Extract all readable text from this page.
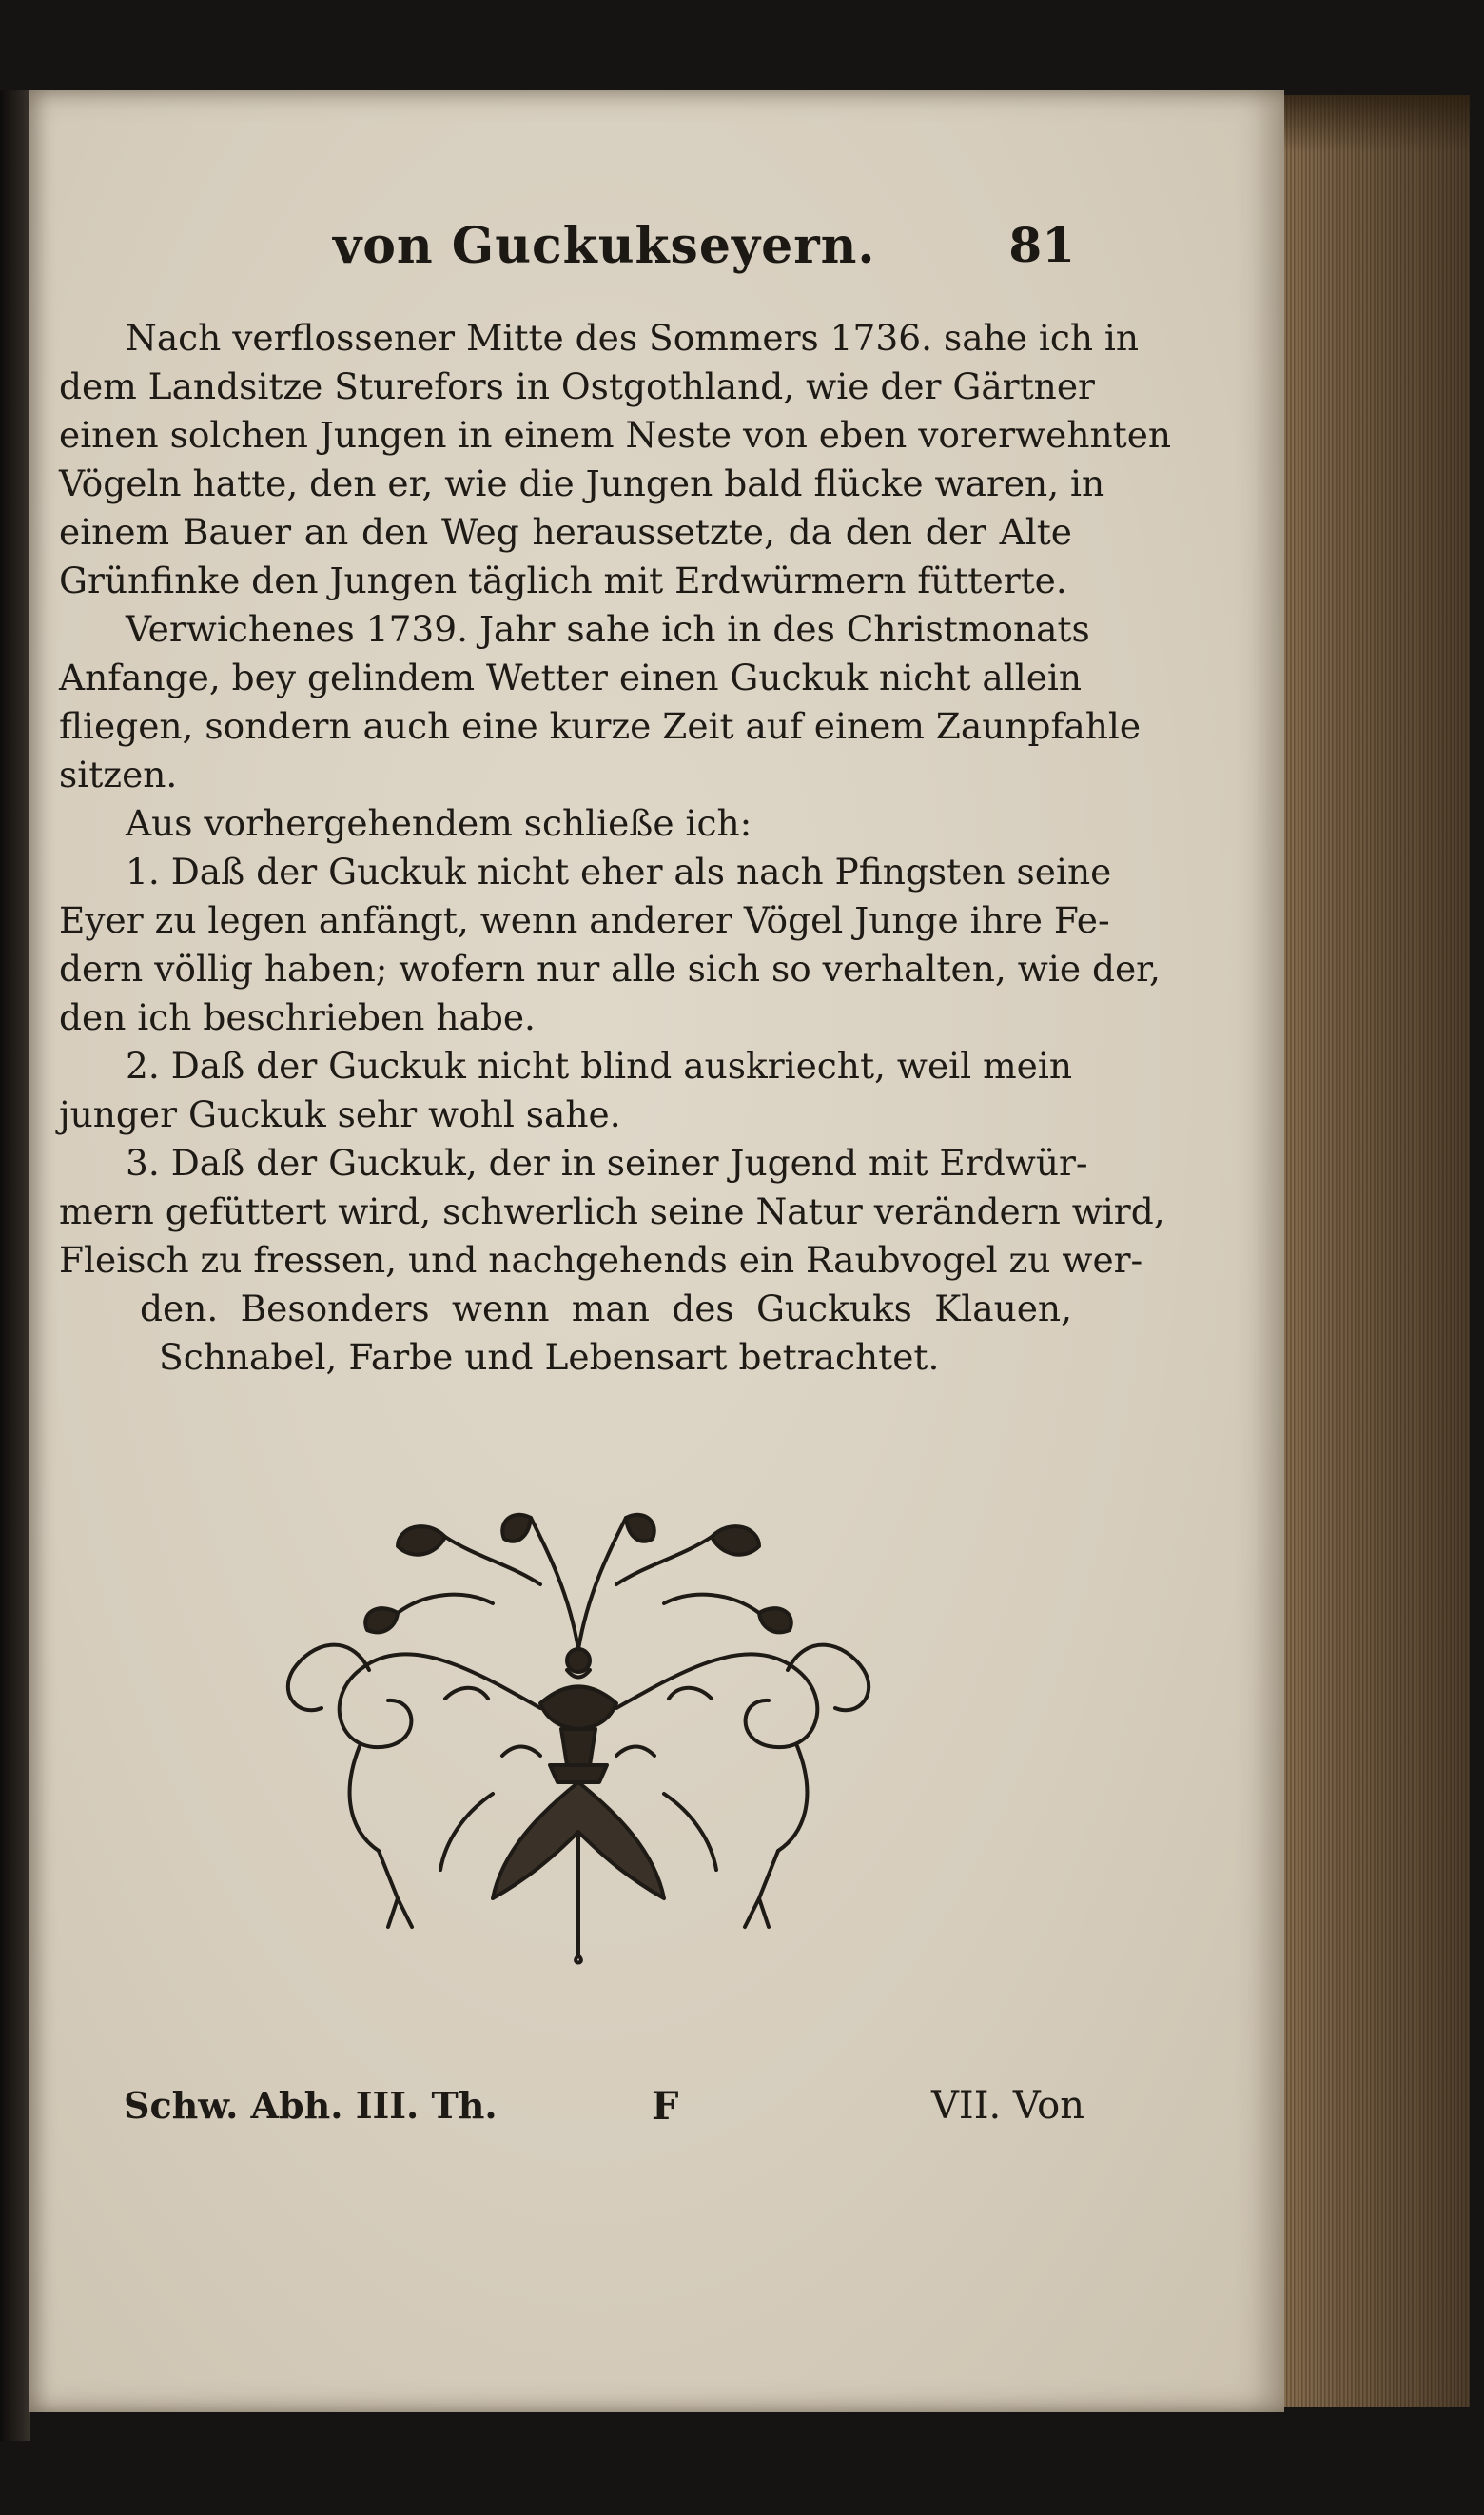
von Guckukseyern.	81
Nach verflossener Mitte des Sommers 1736. sahe ich in
dem Landsitze Sturefors in Ostgothland, wie der Gärtner
einen solchen Jungen in einem Neste von eben vorerwehnten
Vögeln hatte, den er, wie die Jungen bald flücke waren, in
einem Bauer an den Weg heraussetzte, da den der Alte
Grünfinke den Jungen täglich mit Erdwürmern fütterte.
Verwichenes 1739. Jahr sahe ich in des Christmonats
Anfange, bey gelindem Wetter einen Guckuk nicht allein
fliegen, sondern auch eine kurze Zeit auf einem Zaunpfahle
sitzen.
Aus vorhergehendem schließe ich:
1. Daß der Guckuk nicht eher als nach Pfingsten seine
Eyer zu legen anfängt, wenn anderer Vögel Junge ihre Fe-
dern völlig haben; wofern nur alle sich so verhalten, wie der,
den ich beschrieben habe.
2. Daß der Guckuk nicht blind auskriecht, weil mein
junger Guckuk sehr wohl sahe.
3. Daß der Guckuk, der in seiner Jugend mit Erdwür-
mern gefüttert wird, schwerlich seine Natur verändern wird,
Fleisch zu fressen, und nachgehends ein Raubvogel zu wer-
den. Besonders wenn man des Guckuks Klauen,
Schnabel, Farbe und Lebensart betrachtet.
Schw. Abh. III. Th.	F	VII. Von
